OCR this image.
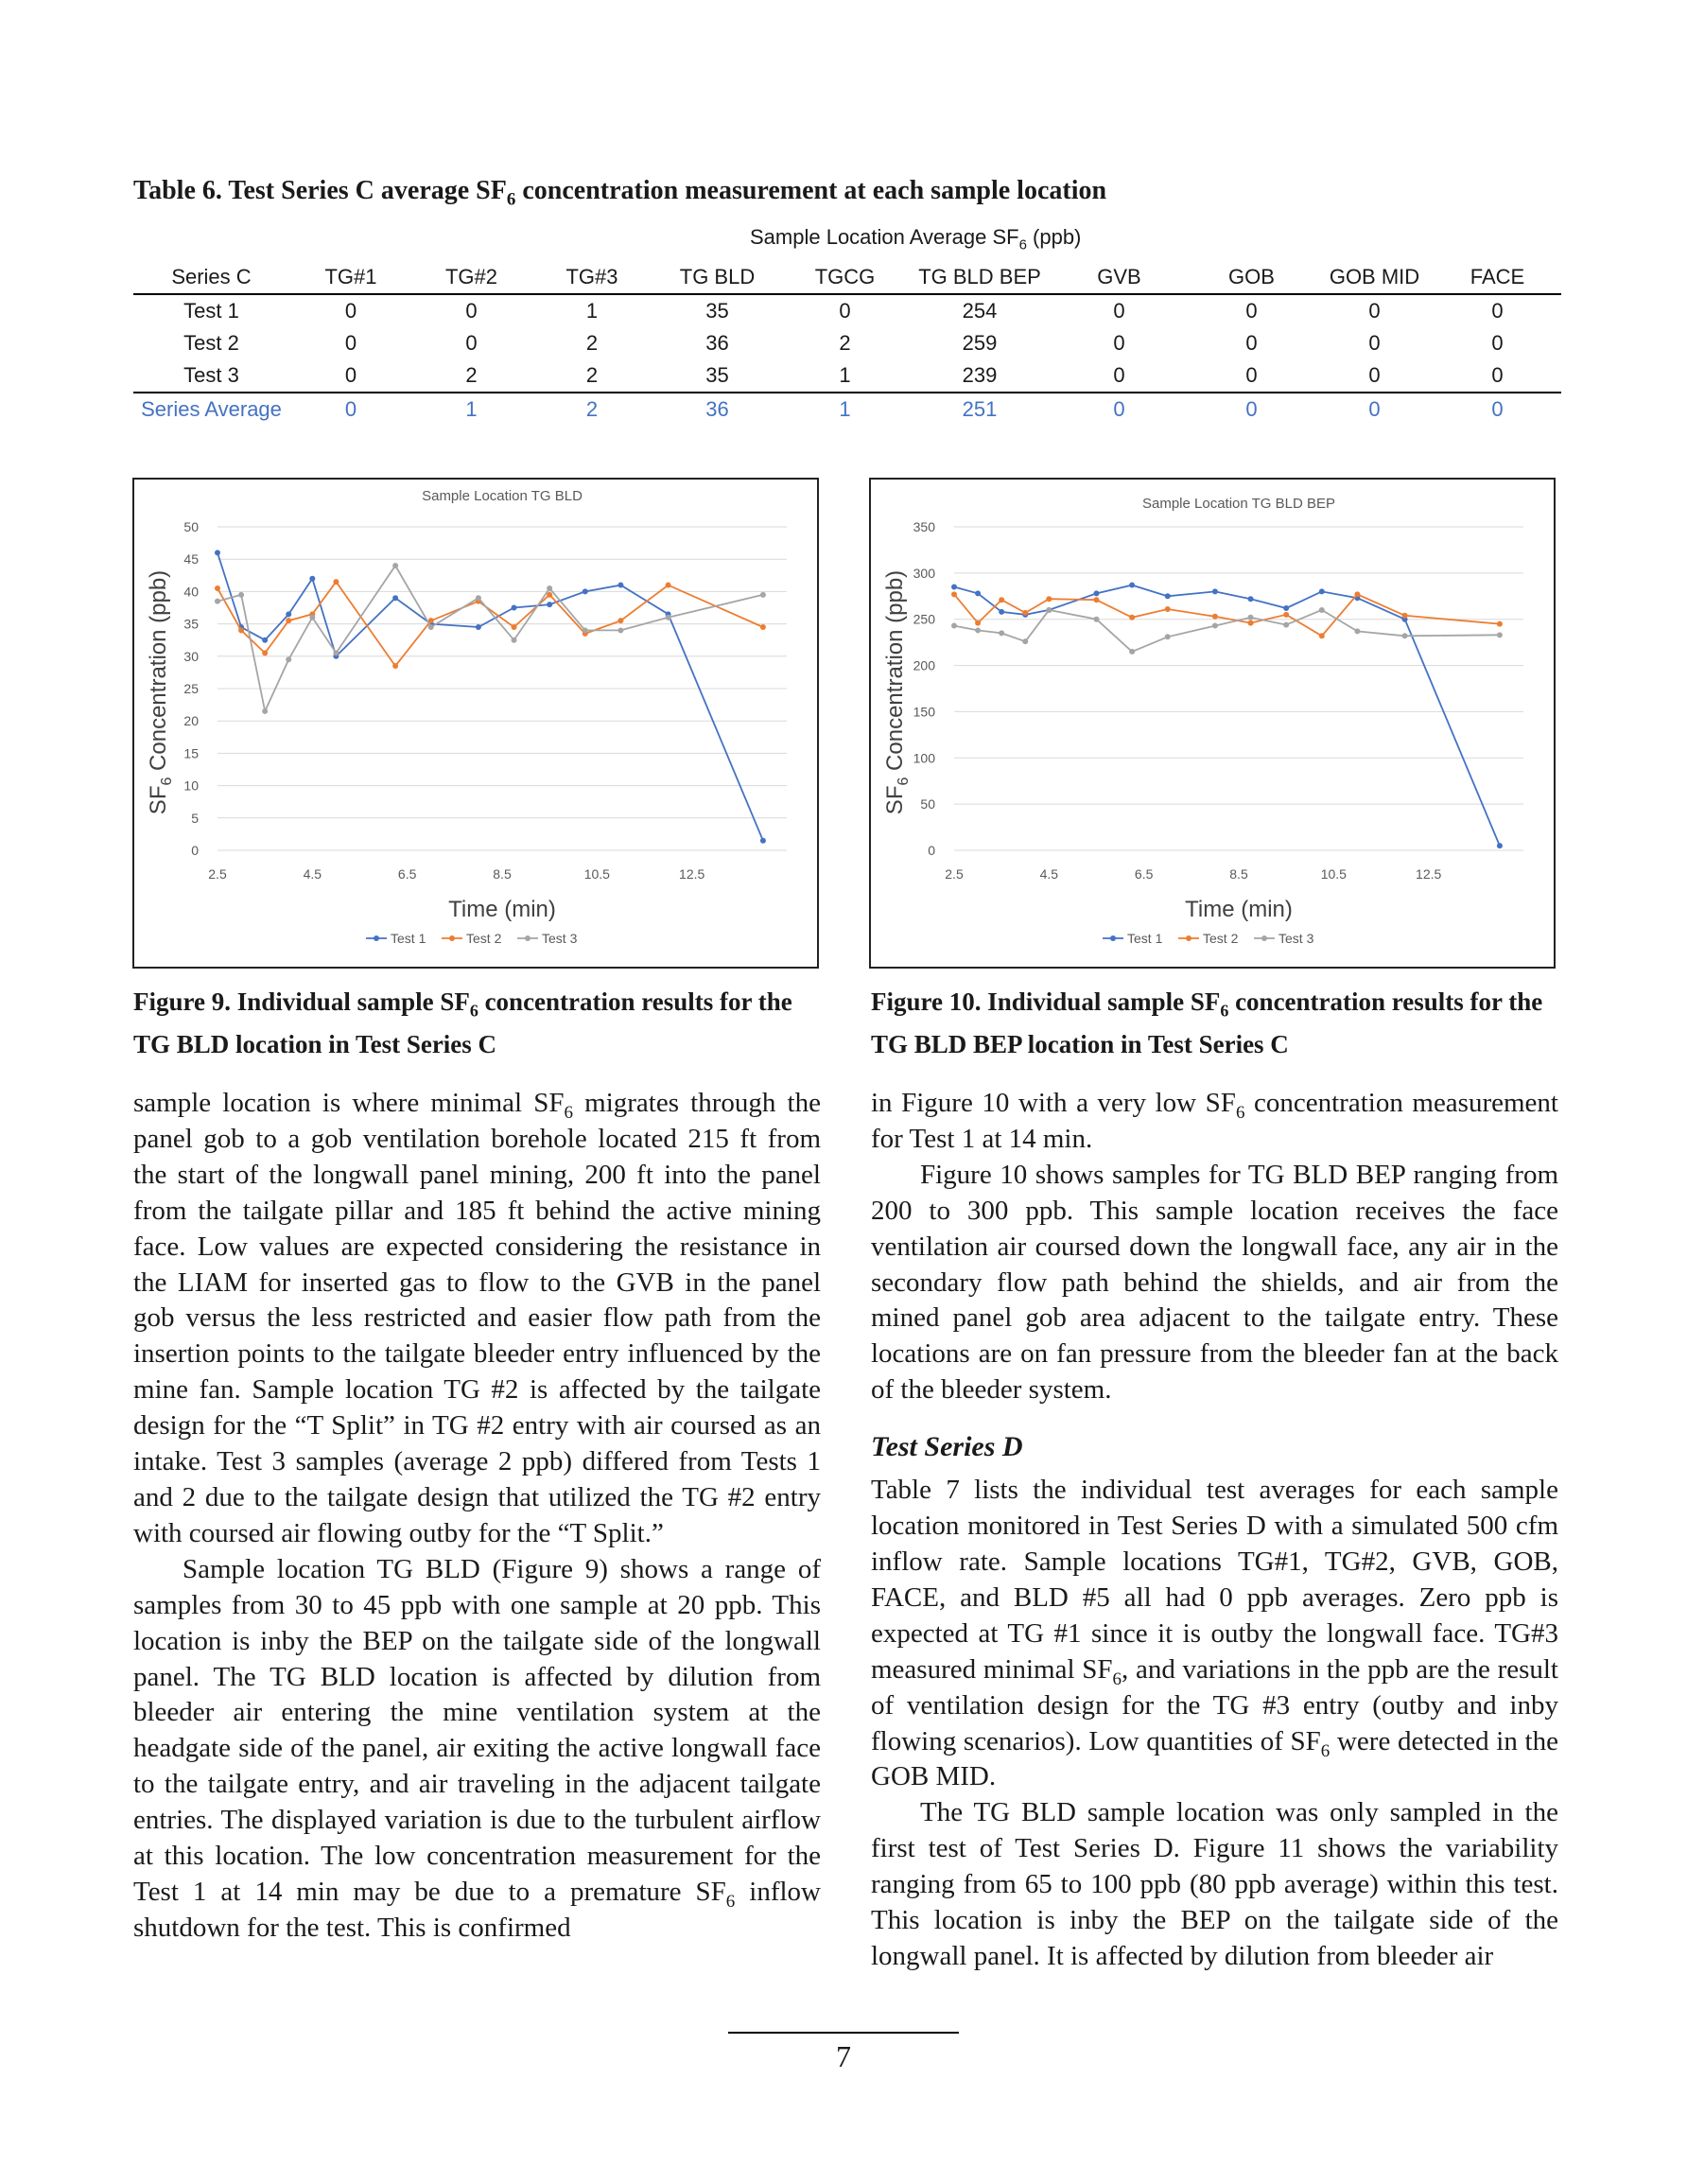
Table 6. Test Series C average $SF_6$ concentration measurement at each sample location
Sample Location Average $SF_6$ (ppb)
Series C	TG#1	TG#2	TG#3	TG BLD	TGCG	TG BLD BEP	GVB	GOB	GOB MID	FACE
Test 1	0	0	1	35	0	254	0	0	0	0
Test 2	0	0	2	36	2	259	0	0	0	0
Test 3	0	2	2	35	1	239	0	0	0	0
Series Average	0	1	2	36	1	251	0	0	0	0
Sample Location TG BLD
0
5
10
15
20
25
30
35
40
45
50
2.5	4.5	6.5	8.5	10.5	12.5
Time (min)
$SF_6$ Concentration (ppb)
Test 1	Test 2	Test 3
Sample Location TG BLD BEP
0
50
100
150
200
250
300
350
2.5	4.5	6.5	8.5	10.5	12.5
Time (min)
$SF_6$ Concentration (ppb)
Test 1	Test 2	Test 3
Figure 9. Individual sample $SF_6$ concentration results for the TG BLD location in Test Series C
Figure 10. Individual sample $SF_6$ concentration results for the TG BLD BEP location in Test Series C

sample location is where minimal $SF_6$ migrates through the panel gob to a gob ventilation borehole located 215 ft from the start of the longwall panel mining, 200 ft into the panel from the tailgate pillar and 185 ft behind the active mining face. Low values are expected considering the resistance in the LIAM for inserted gas to flow to the GVB in the panel gob versus the less restricted and easier flow path from the insertion points to the tailgate bleeder entry influenced by the mine fan. Sample location TG #2 is affected by the tailgate design for the “T Split” in TG #2 entry with air coursed as an intake. Test 3 samples (average 2 ppb) differed from Tests 1 and 2 due to the tailgate design that utilized the TG #2 entry with coursed air flowing outby for the “T Split.”

Sample location TG BLD (Figure 9) shows a range of samples from 30 to 45 ppb with one sample at 20 ppb. This location is inby the BEP on the tailgate side of the longwall panel. The TG BLD location is affected by dilution from bleeder air entering the mine ventilation system at the headgate side of the panel, air exiting the active longwall face to the tailgate entry, and air traveling in the adjacent tailgate entries. The displayed variation is due to the turbulent airflow at this location. The low concentration measurement for the Test 1 at 14 min may be due to a premature $SF_6$ inflow shutdown for the test. This is confirmed

in Figure 10 with a very low $SF_6$ concentration measurement for Test 1 at 14 min.

Figure 10 shows samples for TG BLD BEP ranging from 200 to 300 ppb. This sample location receives the face ventilation air coursed down the longwall face, any air in the secondary flow path behind the shields, and air from the mined panel gob area adjacent to the tailgate entry. These locations are on fan pressure from the bleeder fan at the back of the bleeder system.

Test Series D

Table 7 lists the individual test averages for each sample location monitored in Test Series D with a simulated 500 cfm inflow rate. Sample locations TG#1, TG#2, GVB, GOB, FACE, and BLD #5 all had 0 ppb averages. Zero ppb is expected at TG #1 since it is outby the longwall face. TG#3 measured minimal $SF_6$, and variations in the ppb are the result of ventilation design for the TG #3 entry (outby and inby flowing scenarios). Low quantities of $SF_6$ were detected in the GOB MID.

The TG BLD sample location was only sampled in the first test of Test Series D. Figure 11 shows the variability ranging from 65 to 100 ppb (80 ppb average) within this test. This location is inby the BEP on the tailgate side of the longwall panel. It is affected by dilution from bleeder air

7
